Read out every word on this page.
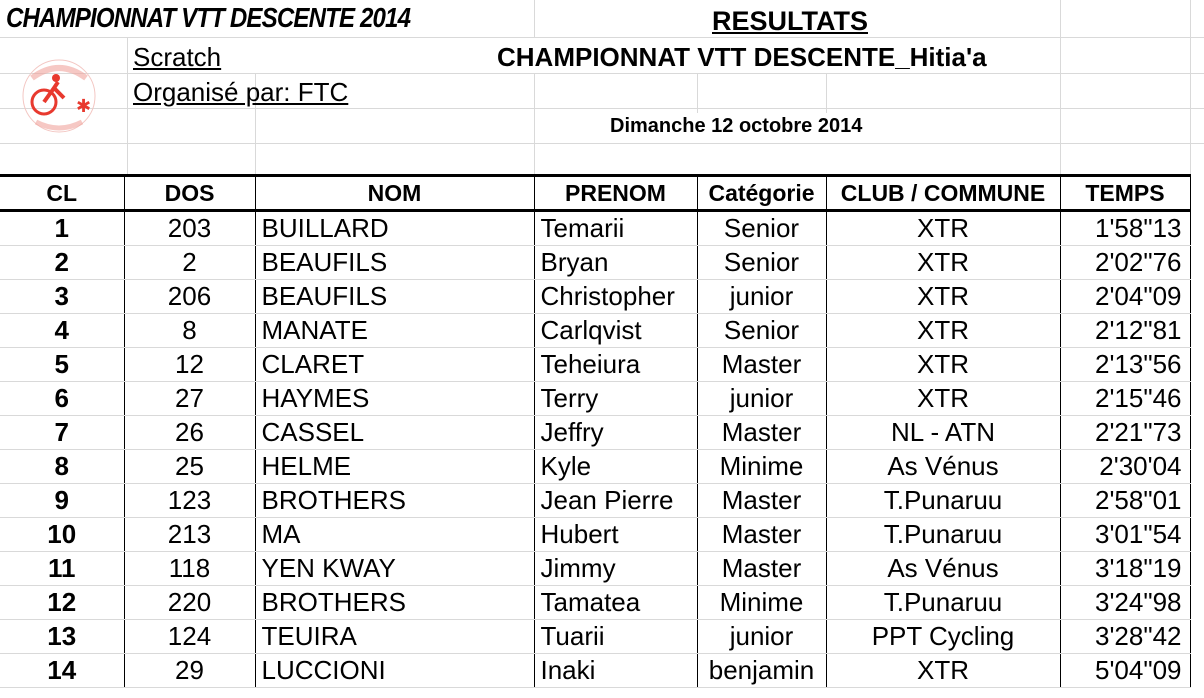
CHAMPIONNAT VTT DESCENTE 2014	RESULTATS
CHAMPIONNAT VTT DESCENTE_Hitia'a
Scratch
Organisé par: FTC
Dimanche 12 octobre 2014
✱
CL	DOS	NOM	PRENOM	Catégorie	CLUB / COMMUNE	TEMPS
1	203	BUILLARD	Temarii	Senior	XTR	1'58"13
2	2	BEAUFILS	Bryan	Senior	XTR	2'02"76
3	206	BEAUFILS	Christopher	junior	XTR	2'04"09
4	8	MANATE	Carlqvist	Senior	XTR	2'12"81
5	12	CLARET	Teheiura	Master	XTR	2'13"56
6	27	HAYMES	Terry	junior	XTR	2'15"46
7	26	CASSEL	Jeffry	Master	NL - ATN	2'21"73
8	25	HELME	Kyle	Minime	As Vénus	2'30'04
9	123	BROTHERS	Jean Pierre	Master	T.Punaruu	2'58"01
10	213	MA	Hubert	Master	T.Punaruu	3'01"54
11	118	YEN KWAY	Jimmy	Master	As Vénus	3'18"19
12	220	BROTHERS	Tamatea	Minime	T.Punaruu	3'24"98
13	124	TEUIRA	Tuarii	junior	PPT Cycling	3'28"42
14	29	LUCCIONI	Inaki	benjamin	XTR	5'04"09
